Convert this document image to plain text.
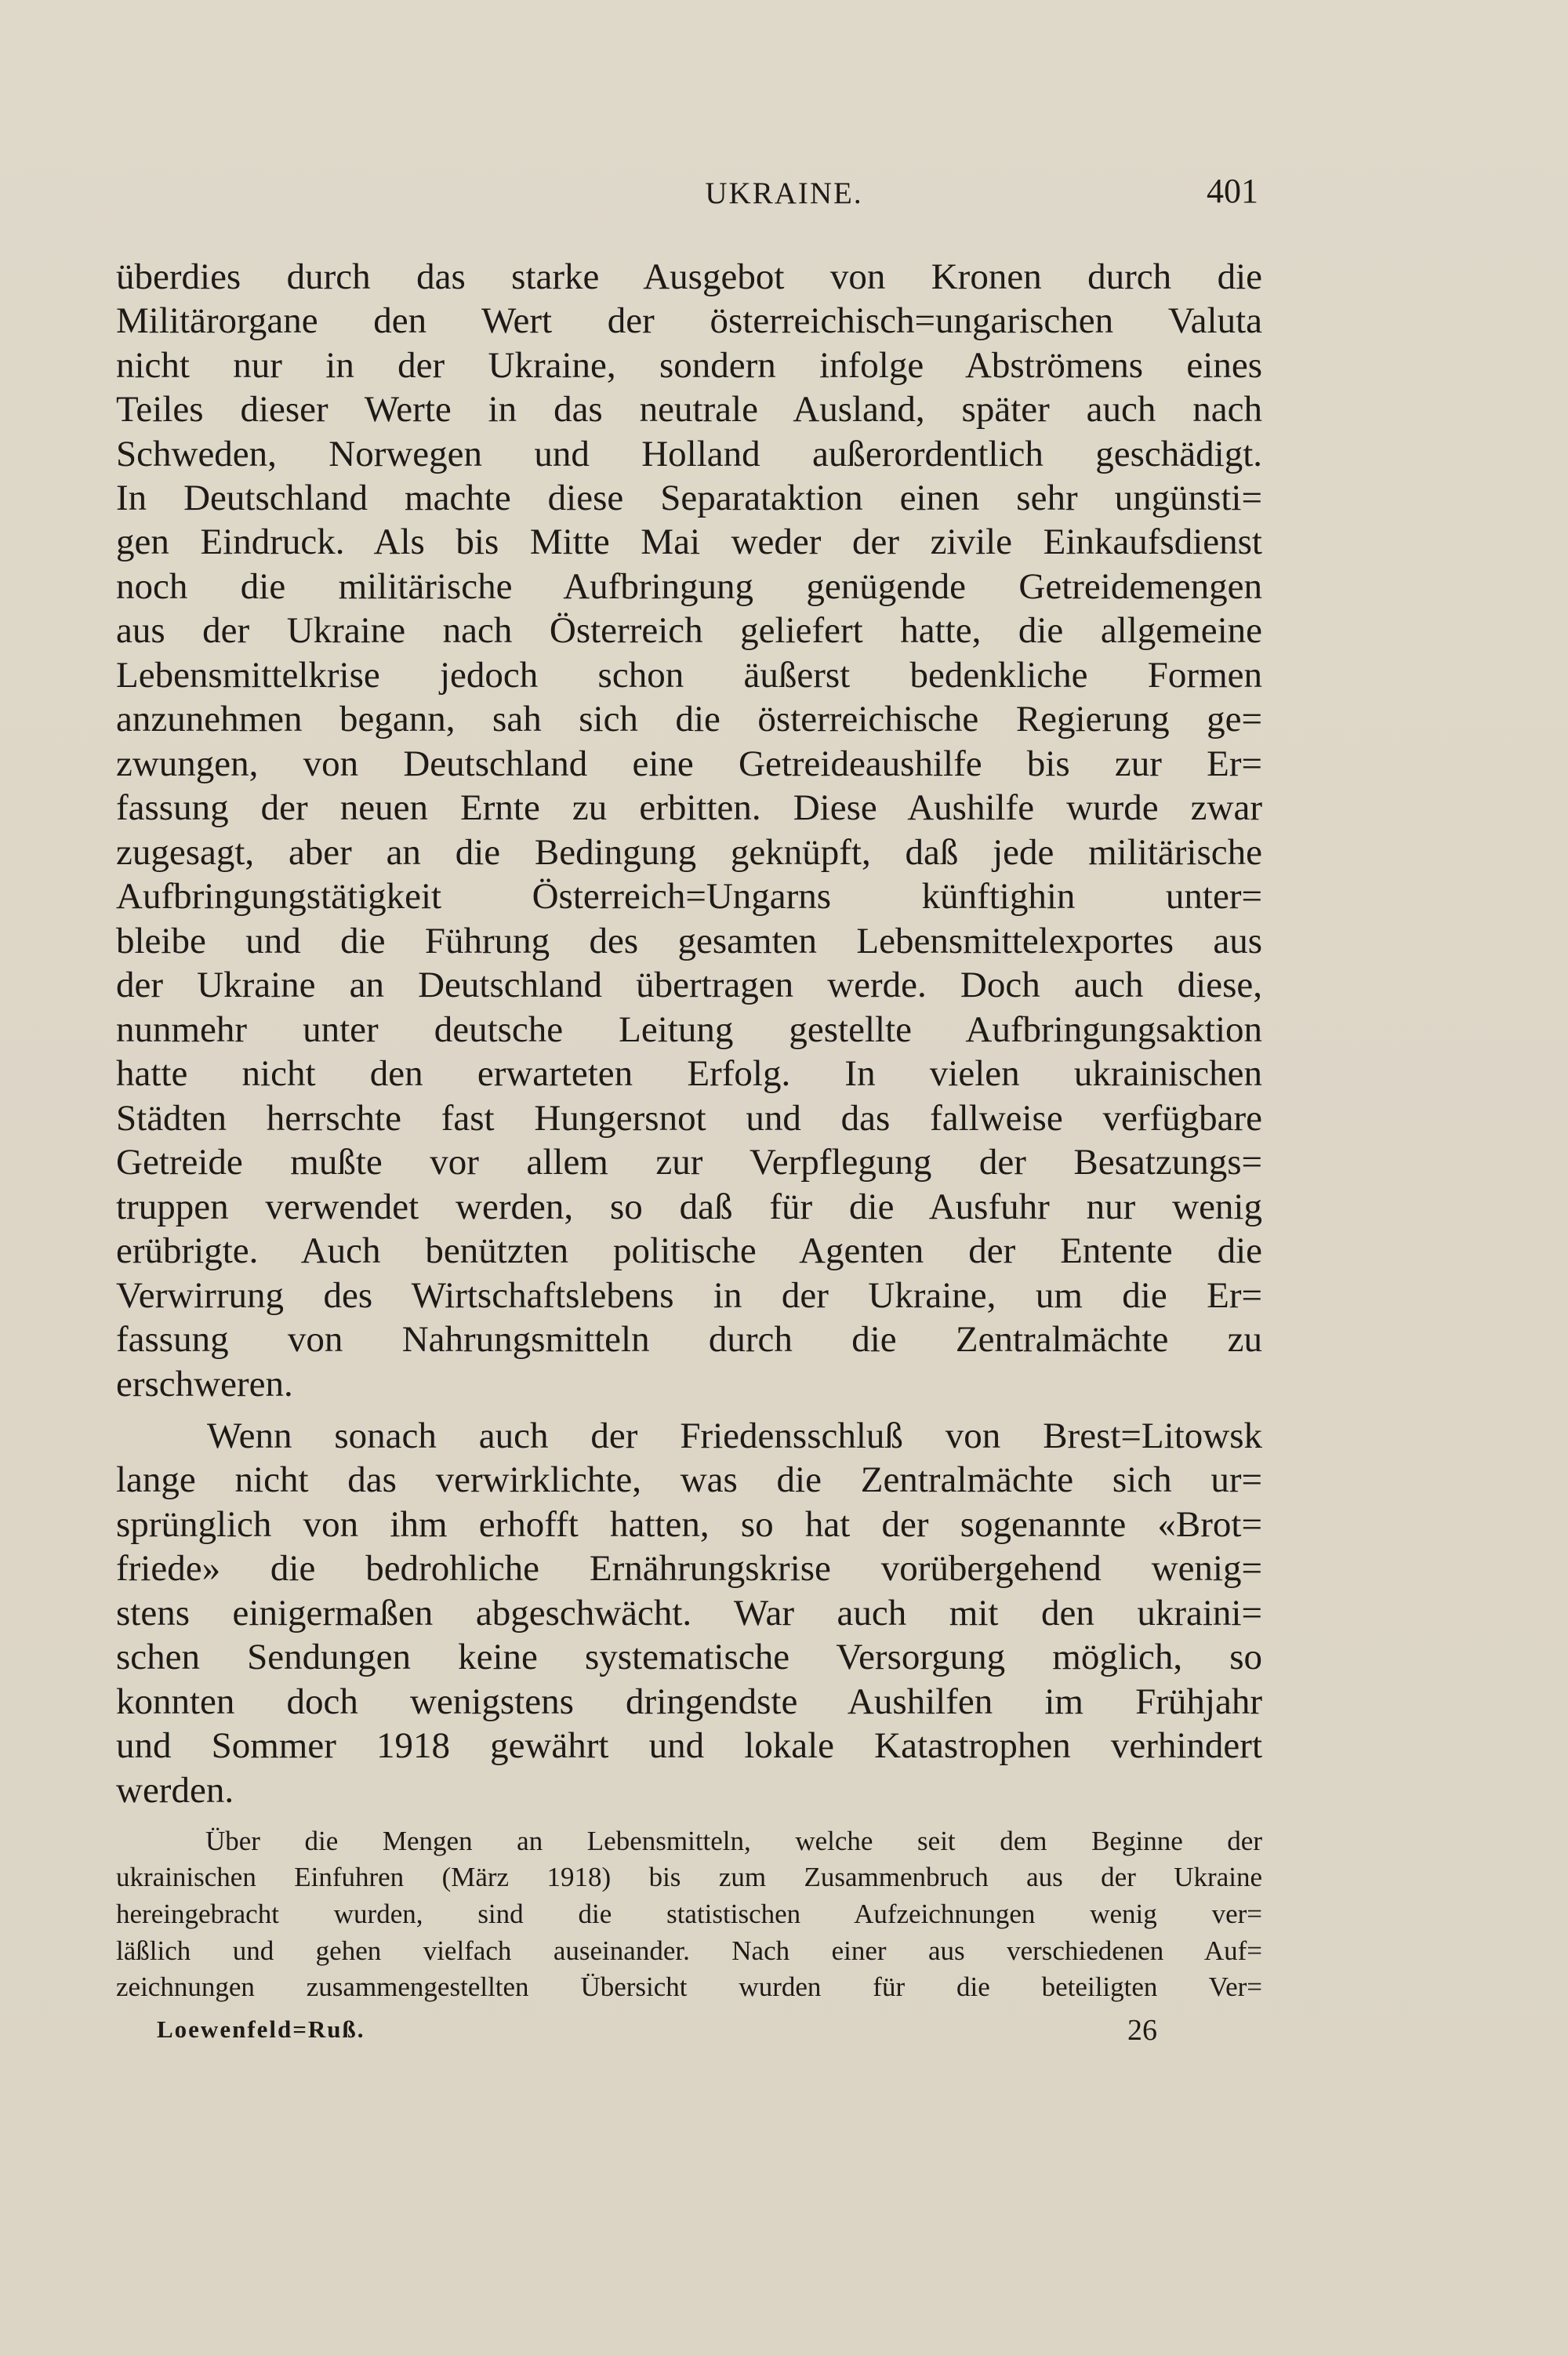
UKRAINE.	401
überdies durch das starke Ausgebot von Kronen durch die
Militärorgane den Wert der österreichisch=ungarischen Valuta
nicht nur in der Ukraine, sondern infolge Abströmens eines
Teiles dieser Werte in das neutrale Ausland, später auch nach
Schweden, Norwegen und Holland außerordentlich geschädigt.
In Deutschland machte diese Separataktion einen sehr ungünsti=
gen Eindruck. Als bis Mitte Mai weder der zivile Einkaufsdienst
noch die militärische Aufbringung genügende Getreidemengen
aus der Ukraine nach Österreich geliefert hatte, die allgemeine
Lebensmittelkrise jedoch schon äußerst bedenkliche Formen
anzunehmen begann, sah sich die österreichische Regierung ge=
zwungen, von Deutschland eine Getreideaushilfe bis zur Er=
fassung der neuen Ernte zu erbitten. Diese Aushilfe wurde zwar
zugesagt, aber an die Bedingung geknüpft, daß jede militärische
Aufbringungstätigkeit Österreich=Ungarns künftighin unter=
bleibe und die Führung des gesamten Lebensmittelexportes aus
der Ukraine an Deutschland übertragen werde. Doch auch diese,
nunmehr unter deutsche Leitung gestellte Aufbringungsaktion
hatte nicht den erwarteten Erfolg. In vielen ukrainischen
Städten herrschte fast Hungersnot und das fallweise verfügbare
Getreide mußte vor allem zur Verpflegung der Besatzungs=
truppen verwendet werden, so daß für die Ausfuhr nur wenig
erübrigte. Auch benützten politische Agenten der Entente die
Verwirrung des Wirtschaftslebens in der Ukraine, um die Er=
fassung von Nahrungsmitteln durch die Zentralmächte zu
erschweren.
Wenn sonach auch der Friedensschluß von Brest=Litowsk
lange nicht das verwirklichte, was die Zentralmächte sich ur=
sprünglich von ihm erhofft hatten, so hat der sogenannte «Brot=
friede» die bedrohliche Ernährungskrise vorübergehend wenig=
stens einigermaßen abgeschwächt. War auch mit den ukraini=
schen Sendungen keine systematische Versorgung möglich, so
konnten doch wenigstens dringendste Aushilfen im Frühjahr
und Sommer 1918 gewährt und lokale Katastrophen verhindert
werden.
Über die Mengen an Lebensmitteln, welche seit dem Beginne der
ukrainischen Einfuhren (März 1918) bis zum Zusammenbruch aus der Ukraine
hereingebracht wurden, sind die statistischen Aufzeichnungen wenig ver=
läßlich und gehen vielfach auseinander. Nach einer aus verschiedenen Auf=
zeichnungen zusammengestellten Übersicht wurden für die beteiligten Ver=
Loewenfeld=Ruß.	26
